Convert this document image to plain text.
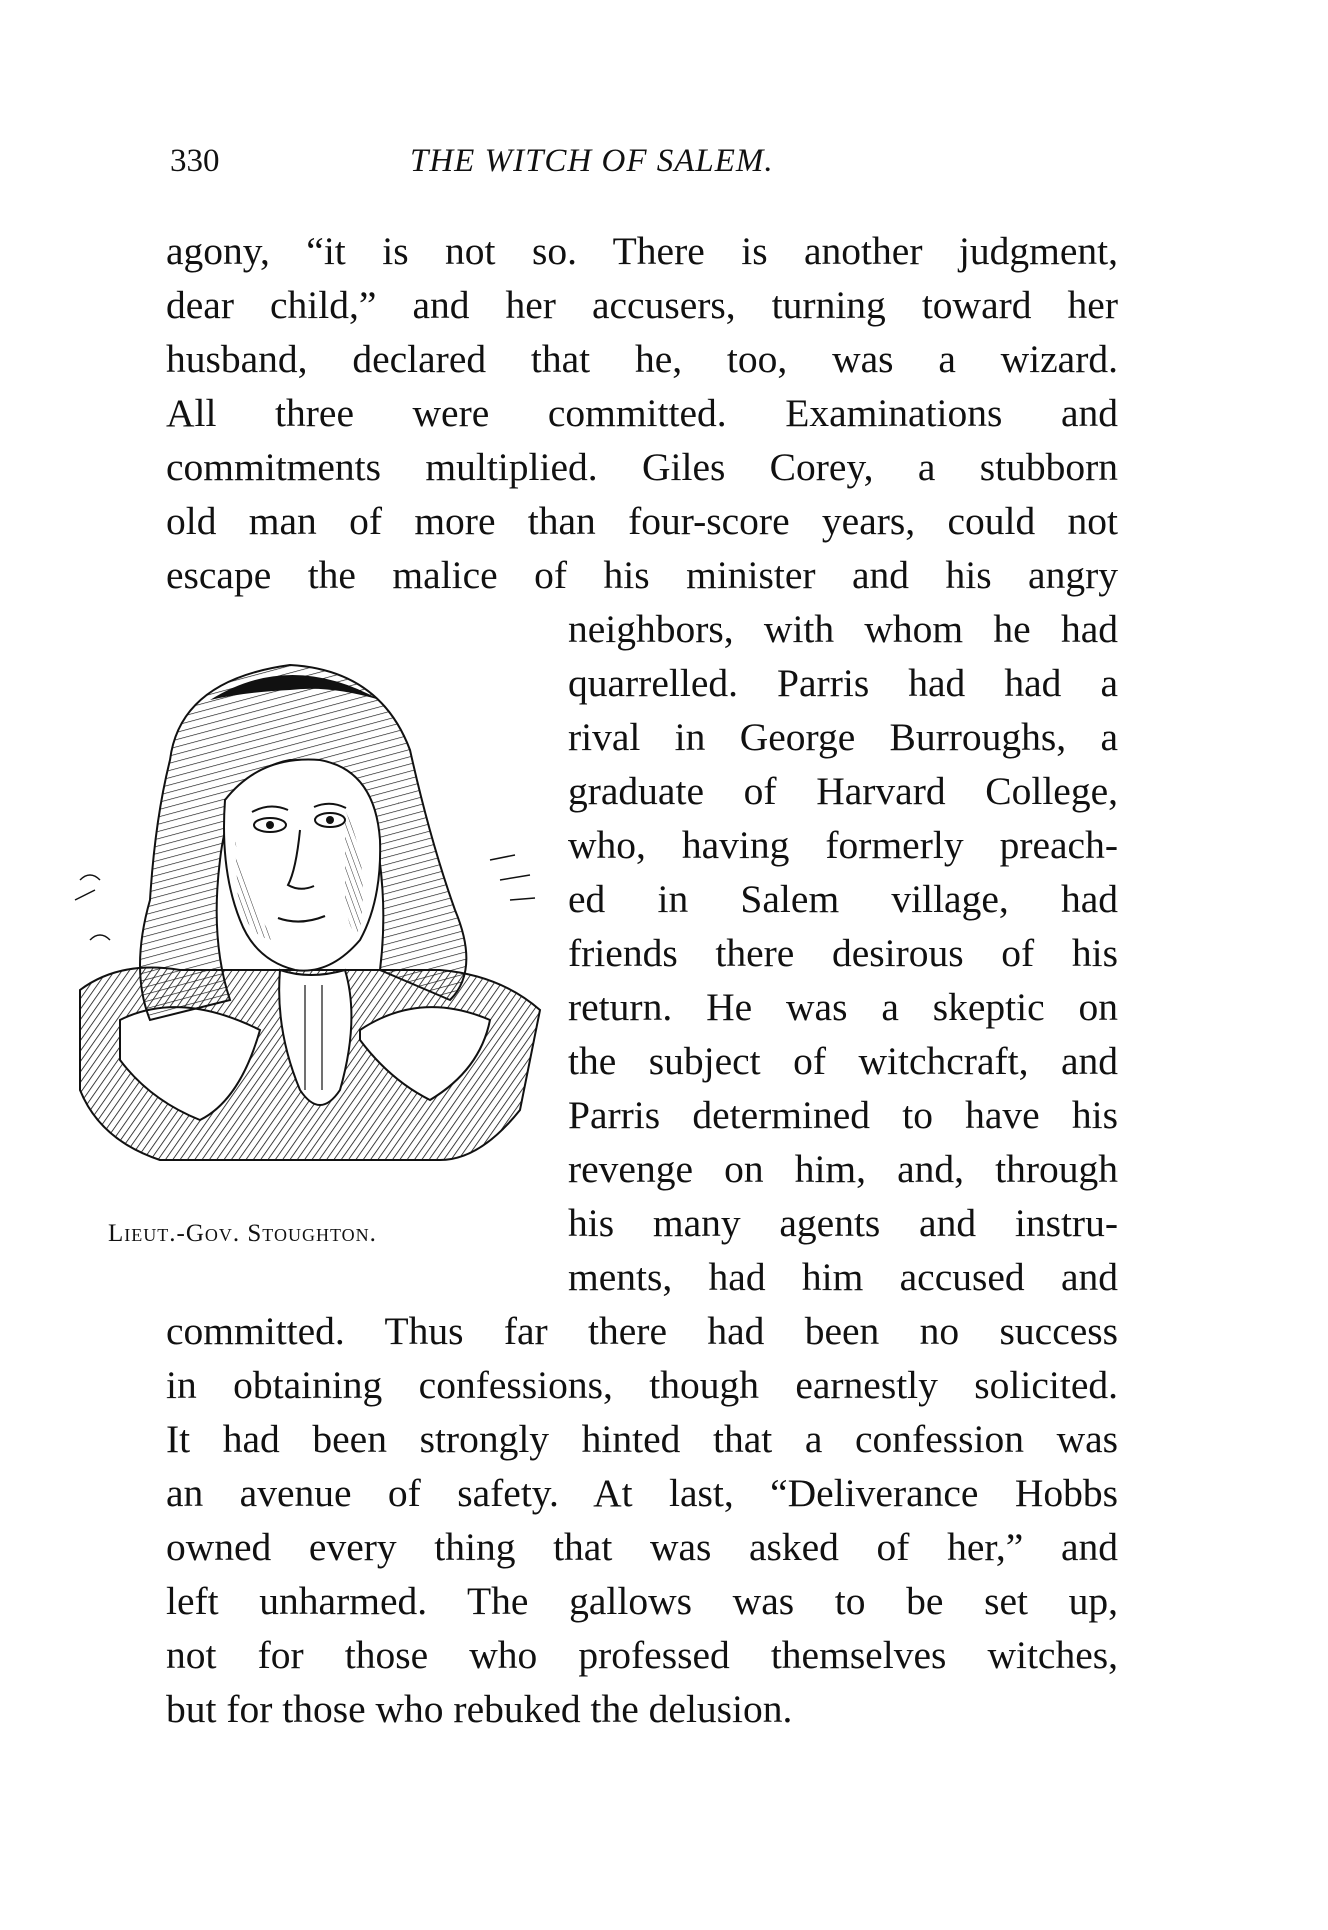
330	THE WITCH OF SALEM.
agony, “it is not so. There is another judgment,
dear child,” and her accusers, turning toward her
husband, declared that he, too, was a wizard.
All three were committed. Examinations and
commitments multiplied. Giles Corey, a stubborn
old man of more than four-score years, could not
escape the malice of his minister and his angry
neighbors, with whom he had
quarrelled. Parris had had a
rival in George Burroughs, a
graduate of Harvard College,
who, having formerly preach-
ed in Salem village, had
friends there desirous of his
return. He was a skeptic on
the subject of witchcraft, and
Parris determined to have his
revenge on him, and, through
his many agents and instru-
ments, had him accused and
committed. Thus far there had been no success
in obtaining confessions, though earnestly solicited.
It had been strongly hinted that a confession was
an avenue of safety. At last, “Deliverance Hobbs
owned every thing that was asked of her,” and
left unharmed. The gallows was to be set up,
not for those who professed themselves witches,
but for those who rebuked the delusion.
Lieut.-Gov. Stoughton.
